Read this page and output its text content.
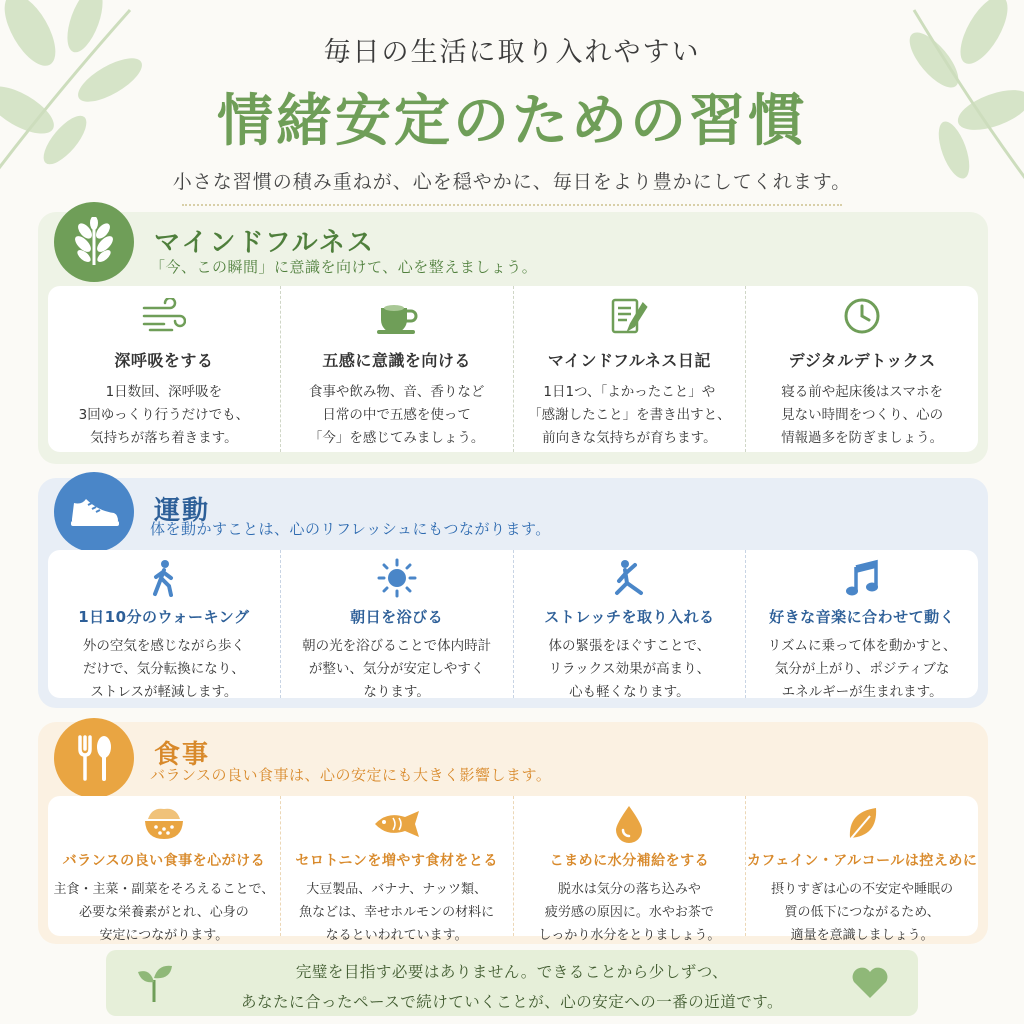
毎日の生活に取り入れやすい
情緒安定のための習慣
小さな習慣の積み重ねが、心を穏やかに、毎日をより豊かにしてくれます。
マインドフルネス
「今、この瞬間」に意識を向けて、心を整えましょう。
深呼吸をする
1日数回、深呼吸を
3回ゆっくり行うだけでも、
気持ちが落ち着きます。
五感に意識を向ける
食事や飲み物、音、香りなど
日常の中で五感を使って
「今」を感じてみましょう。
マインドフルネス日記
1日1つ、「よかったこと」や
「感謝したこと」を書き出すと、
前向きな気持ちが育ちます。
デジタルデトックス
寝る前や起床後はスマホを
見ない時間をつくり、心の
情報過多を防ぎましょう。
運動
体を動かすことは、心のリフレッシュにもつながります。
1日10分のウォーキング
外の空気を感じながら歩く
だけで、気分転換になり、
ストレスが軽減します。
朝日を浴びる
朝の光を浴びることで体内時計
が整い、気分が安定しやすく
なります。
ストレッチを取り入れる
体の緊張をほぐすことで、
リラックス効果が高まり、
心も軽くなります。
好きな音楽に合わせて動く
リズムに乗って体を動かすと、
気分が上がり、ポジティブな
エネルギーが生まれます。
食事
バランスの良い食事は、心の安定にも大きく影響します。
バランスの良い食事を心がける
主食・主菜・副菜をそろえることで、
必要な栄養素がとれ、心身の
安定につながります。
セロトニンを増やす食材をとる
大豆製品、バナナ、ナッツ類、
魚などは、幸せホルモンの材料に
なるといわれています。
こまめに水分補給をする
脱水は気分の落ち込みや
疲労感の原因に。水やお茶で
しっかり水分をとりましょう。
カフェイン・アルコールは控えめに
摂りすぎは心の不安定や睡眠の
質の低下につながるため、
適量を意識しましょう。
完璧を目指す必要はありません。できることから少しずつ、
あなたに合ったペースで続けていくことが、心の安定への一番の近道です。
